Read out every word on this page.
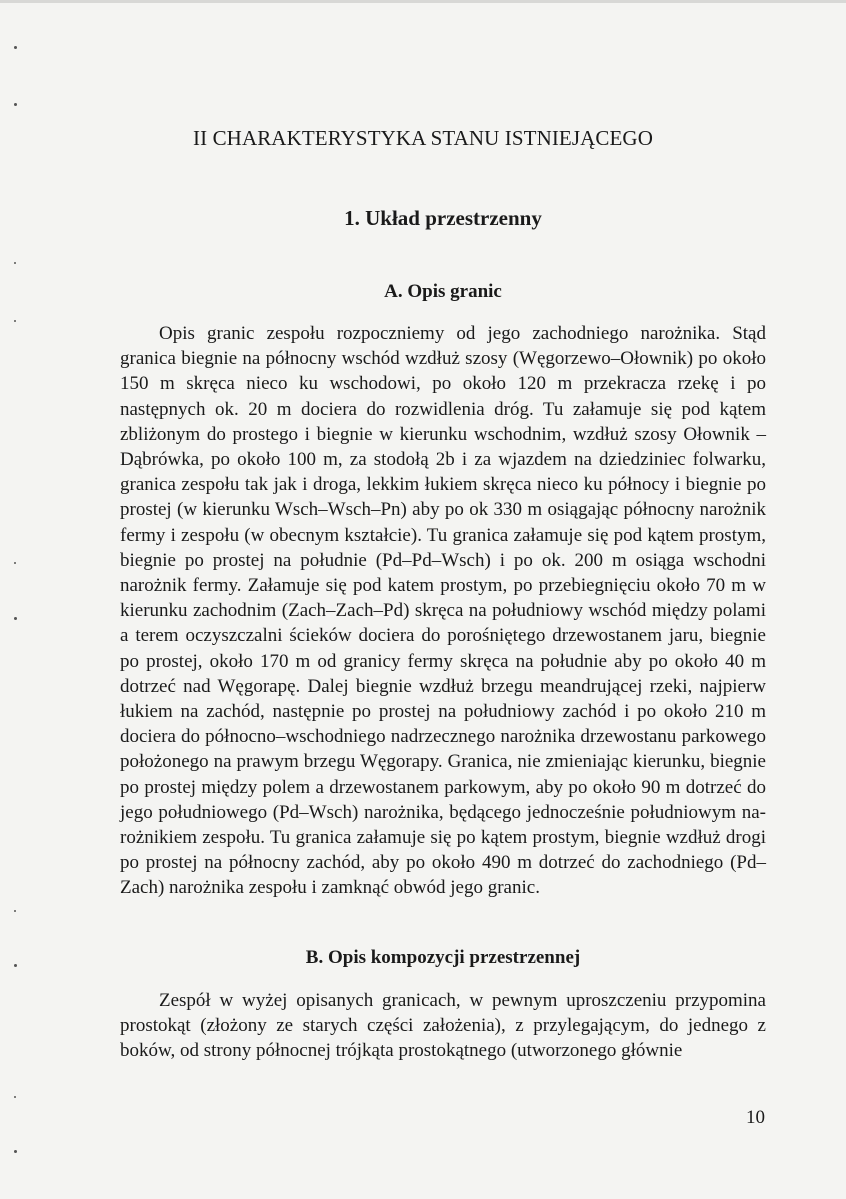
II CHARAKTERYSTYKA STANU ISTNIEJĄCEGO
1. Układ przestrzenny
A. Opis granic

Opis granic zespołu rozpoczniemy od jego zachodniego narożnika. Stąd granica biegnie na północny wschód wzdłuż szosy (Węgorzewo–Ołownik) po około 150 m skręca nieco ku wschodowi, po około 120 m przekracza rzekę i po następnych ok. 20 m dociera do rozwidlenia dróg. Tu załamuje się pod kątem zbliżonym do prostego i biegnie w kierunku wschodnim, wzdłuż szosy Ołownik – Dąbrówka, po około 100 m, za stodołą 2b i za wjazdem na dziedziniec folwarku, granica zespołu tak jak i droga, lekkim łukiem skręca nieco ku północy i biegnie po prostej (w kierunku Wsch–Wsch–Pn) aby po ok 330 m osiągając północny narożnik fermy i zespołu (w obecnym kształcie). Tu granica załamuje się pod kątem prostym, biegnie po prostej na południe (Pd–Pd–Wsch) i po ok. 200 m osiąga wschodni narożnik fermy. Załamuje się pod katem prostym, po przebiegnięciu około 70 m w kierunku zachodnim (Zach–Zach–Pd) skręca na południowy wschód między polami a terem oczyszczalni ścieków dociera do porośniętego drzewostanem jaru, biegnie po prostej, około 170 m od granicy fermy skręca na południe aby po około 40 m dotrzeć nad Węgorapę. Dalej biegnie wzdłuż brzegu meandrującej rzeki, najpierw łukiem na zachód, następnie po prostej na południowy zachód i po około 210 m dociera do północno–​wschodniego nadrzecznego narożnika drzewostanu parkowego położonego na prawym brzegu Węgorapy. Granica, nie zmieniając kierunku, biegnie po prostej między polem a drzewostanem parkowym, aby po około 90 m dotrzeć do jego południowego (Pd–Wsch) narożnika, będącego jednocześnie południowym narożnikiem zespołu. Tu granica załamuje się po kątem prostym, biegnie wzdłuż drogi po prostej na północny zachód, aby po około 490 m dotrzeć do zachodniego (Pd–Zach) narożnika zespołu i zamknąć obwód jego granic.

B. Opis kompozycji przestrzennej

Zespół w wyżej opisanych granicach, w pewnym uproszczeniu przypomina prostokąt (złożony ze starych części założenia), z przylegającym, do jednego z boków, od strony północnej trójkąta prostokątnego (utworzonego głównie

10
